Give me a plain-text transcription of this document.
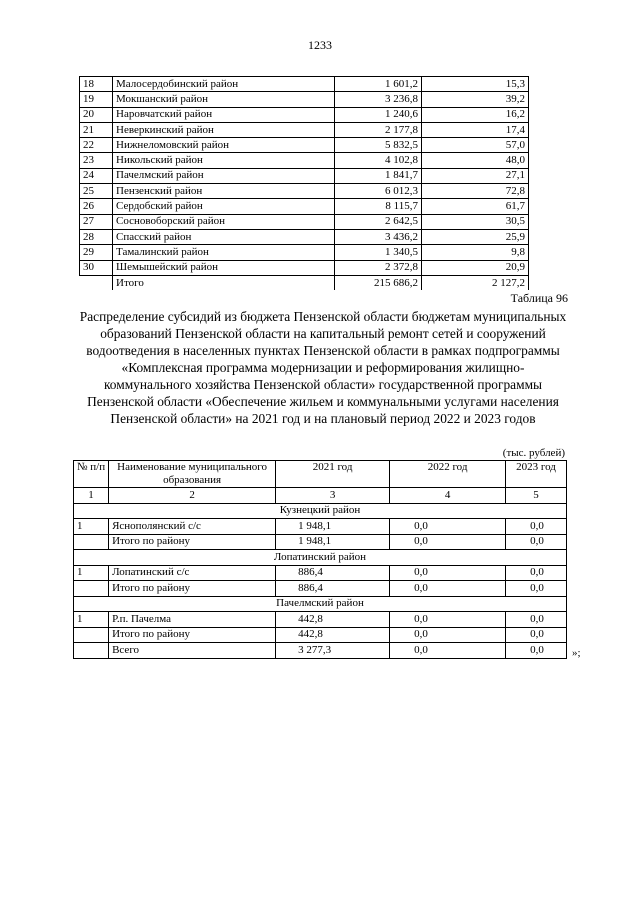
1233
18	Малосердобинский район	1 601,2	15,3
19	Мокшанский район	3 236,8	39,2
20	Наровчатский район	1 240,6	16,2
21	Неверкинский район	2 177,8	17,4
22	Нижнеломовский район	5 832,5	57,0
23	Никольский район	4 102,8	48,0
24	Пачелмский район	1 841,7	27,1
25	Пензенский район	6 012,3	72,8
26	Сердобский район	8 115,7	61,7
27	Сосновоборский район	2 642,5	30,5
28	Спасский район	3 436,2	25,9
29	Тамалинский район	1 340,5	9,8
30	Шемышейский район	2 372,8	20,9
	Итого	215 686,2	2 127,2
Таблица 96
Распределение субсидий из бюджета Пензенской области бюджетам муниципальных образований Пензенской области на капитальный ремонт сетей и сооружений водоотведения в населенных пунктах Пензенской области в рамках подпрограммы «Комплексная программа модернизации и реформирования жилищно-коммунального хозяйства Пензенской области» государственной программы Пензенской области «Обеспечение жильем и коммунальными услугами населения Пензенской области» на 2021 год и на плановый период 2022 и 2023 годов
(тыс. рублей)
№ п/п	Наименование муниципального образования	2021 год	2022 год	2023 год
1	2	3	4	5
Кузнецкий район				
1	Яснополянский с/с	1 948,1	0,0	0,0
	Итого по району	1 948,1	0,0	0,0
Лопатинский район				
1	Лопатинский с/с	886,4	0,0	0,0
	Итого по району	886,4	0,0	0,0
Пачелмский район				
1	Р.п. Пачелма	442,8	0,0	0,0
	Итого по району	442,8	0,0	0,0
	Всего	3 277,3	0,0	0,0	»;
